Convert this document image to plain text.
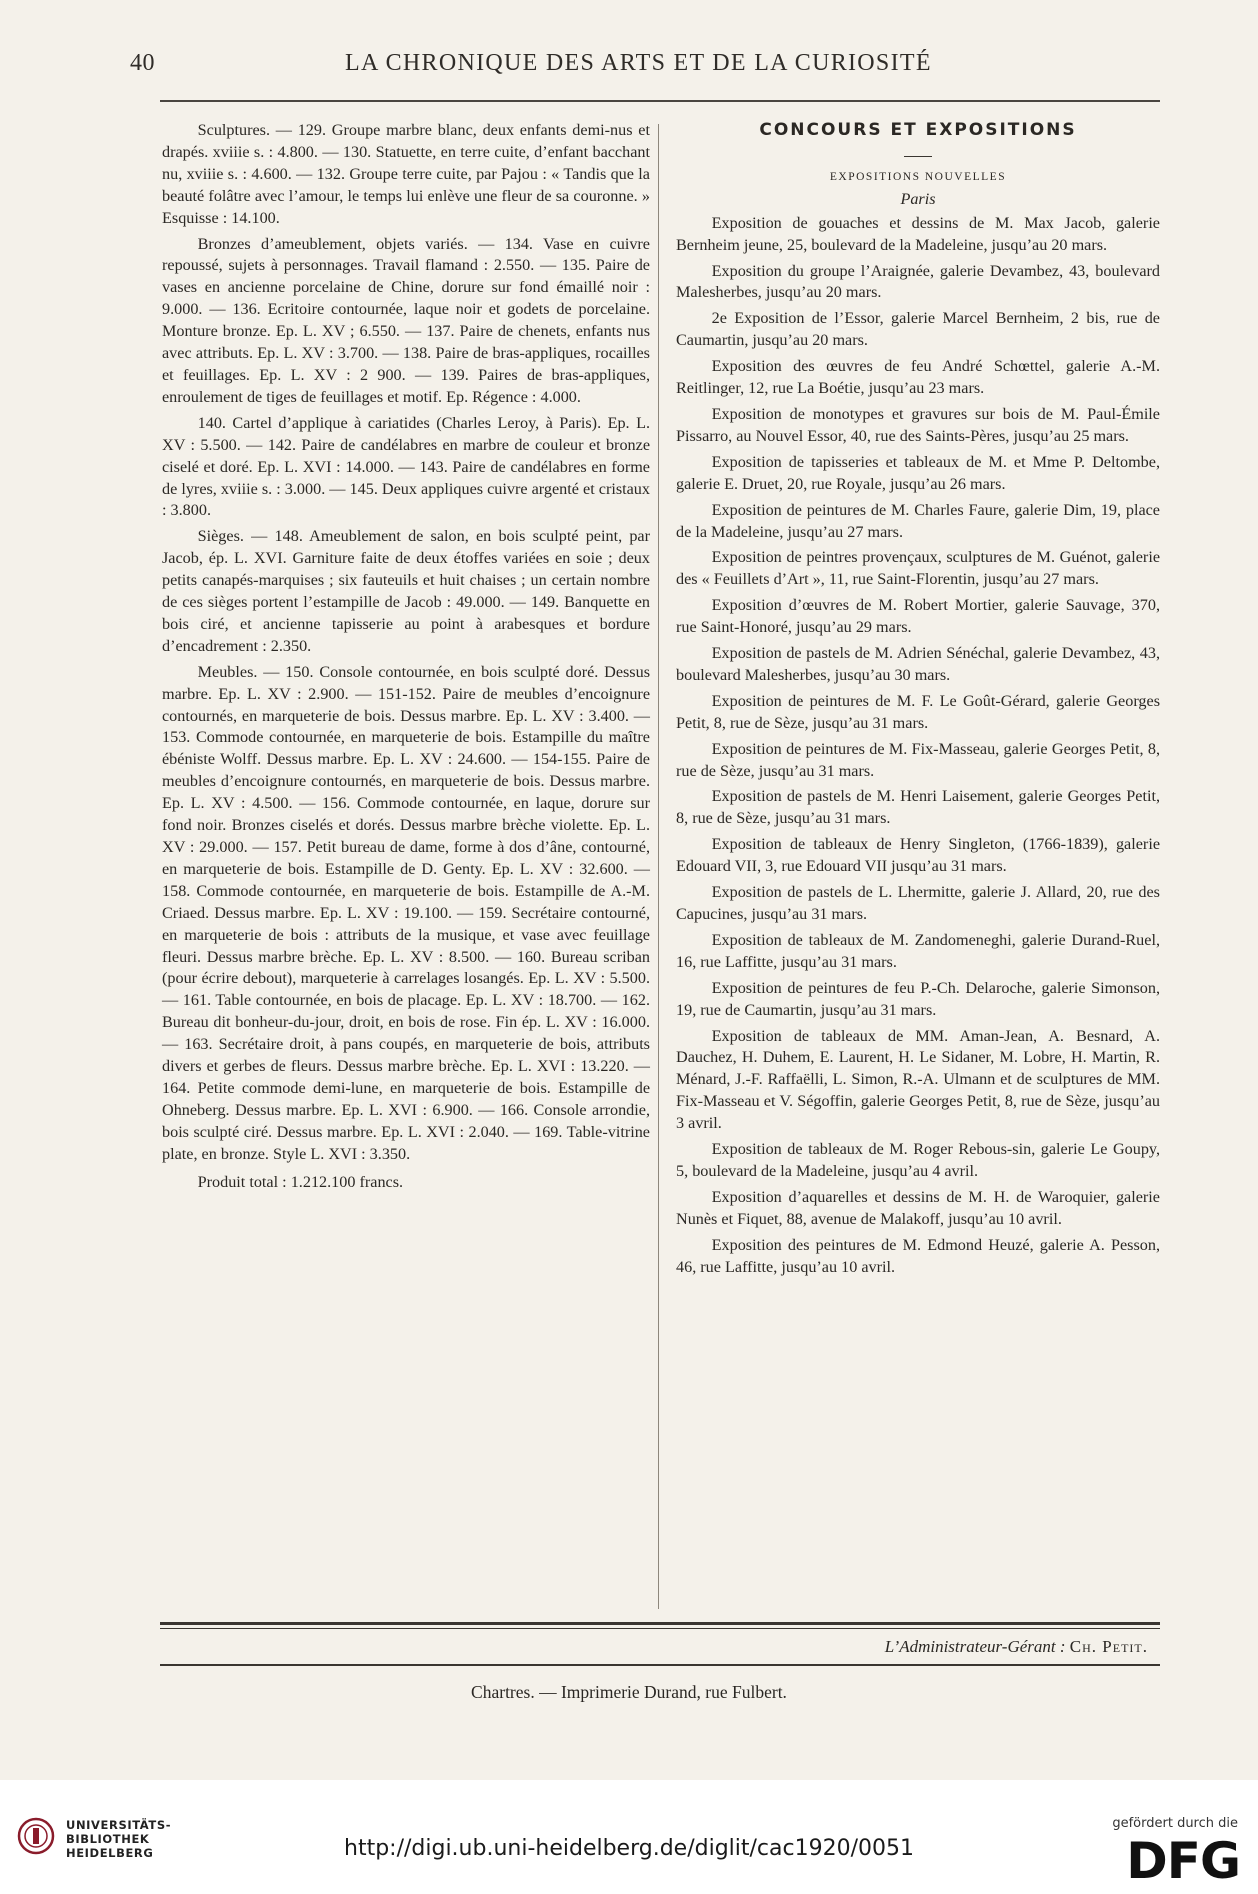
40	LA CHRONIQUE DES ARTS ET DE LA CURIOSITÉ

Sculptures. — 129. Groupe marbre blanc, deux enfants demi-nus et drapés. xviiie s. : 4.800. — 130. Statuette, en terre cuite, d’enfant bacchant nu, xviiie s. : 4.600. — 132. Groupe terre cuite, par Pajou : « Tandis que la beauté folâtre avec l’amour, le temps lui enlève une fleur de sa couronne. » Esquisse : 14.100.

Bronzes d’ameublement, objets variés. — 134. Vase en cuivre repoussé, sujets à personnages. Travail flamand : 2.550. — 135. Paire de vases en ancienne porcelaine de Chine, dorure sur fond émaillé noir : 9.000. — 136. Ecritoire contournée, laque noir et godets de porcelaine. Monture bronze. Ep. L. XV ; 6.550. — 137. Paire de chenets, enfants nus avec attributs. Ep. L. XV : 3.700. — 138. Paire de bras-appliques, rocailles et feuillages. Ep. L. XV : 2 900. — 139. Paires de bras-appliques, enroulement de tiges de feuillages et motif. Ep. Régence : 4.000.

140. Cartel d’applique à cariatides (Charles Leroy, à Paris). Ep. L. XV : 5.500. — 142. Paire de candélabres en marbre de couleur et bronze ciselé et doré. Ep. L. XVI : 14.000. — 143. Paire de candélabres en forme de lyres, xviiie s. : 3.000. — 145. Deux appliques cuivre argenté et cristaux : 3.800.

Sièges. — 148. Ameublement de salon, en bois sculpté peint, par Jacob, ép. L. XVI. Garniture faite de deux étoffes variées en soie ; deux petits canapés-marquises ; six fauteuils et huit chaises ; un certain nombre de ces sièges portent l’estampille de Jacob : 49.000. — 149. Banquette en bois ciré, et ancienne tapisserie au point à arabesques et bordure d’encadrement : 2.350.

Meubles. — 150. Console contournée, en bois sculpté doré. Dessus marbre. Ep. L. XV : 2.900. — 151-152. Paire de meubles d’encoignure contournés, en marqueterie de bois. Dessus marbre. Ep. L. XV : 3.400. — 153. Commode contournée, en marqueterie de bois. Estampille du maître ébéniste Wolff. Dessus marbre. Ep. L. XV : 24.600. — 154-155. Paire de meubles d’encoignure contournés, en marqueterie de bois. Dessus marbre. Ep. L. XV : 4.500. — 156. Commode contournée, en laque, dorure sur fond noir. Bronzes ciselés et dorés. Dessus marbre brèche violette. Ep. L. XV : 29.000. — 157. Petit bureau de dame, forme à dos d’âne, contourné, en marqueterie de bois. Estampille de D. Genty. Ep. L. XV : 32.600. — 158. Commode contournée, en marqueterie de bois. Estampille de A.-M. Criaed. Dessus marbre. Ep. L. XV : 19.100. — 159. Secrétaire contourné, en marqueterie de bois : attributs de la musique, et vase avec feuillage fleuri. Dessus marbre brèche. Ep. L. XV : 8.500. — 160. Bureau scriban (pour écrire debout), marqueterie à carrelages losangés. Ep. L. XV : 5.500. — 161. Table contournée, en bois de placage. Ep. L. XV : 18.700. — 162. Bureau dit bonheur-du-jour, droit, en bois de rose. Fin ép. L. XV : 16.000. — 163. Secrétaire droit, à pans coupés, en marqueterie de bois, attributs divers et gerbes de fleurs. Dessus marbre brèche. Ep. L. XVI : 13.220. — 164. Petite commode demi-lune, en marqueterie de bois. Estampille de Ohneberg. Dessus marbre. Ep. L. XVI : 6.900. — 166. Console arrondie, bois sculpté ciré. Dessus marbre. Ep. L. XVI : 2.040. — 169. Table-vitrine plate, en bronze. Style L. XVI : 3.350.

Produit total : 1.212.100 francs.

CONCOURS ET EXPOSITIONS
EXPOSITIONS NOUVELLES
Paris

Exposition de gouaches et dessins de M. Max Jacob, galerie Bernheim jeune, 25, boulevard de la Madeleine, jusqu’au 20 mars.

Exposition du groupe l’Araignée, galerie Devambez, 43, boulevard Malesherbes, jusqu’au 20 mars.

2e Exposition de l’Essor, galerie Marcel Bernheim, 2 bis, rue de Caumartin, jusqu’au 20 mars.

Exposition des œuvres de feu André Schœttel, galerie A.-M. Reitlinger, 12, rue La Boétie, jusqu’au 23 mars.

Exposition de monotypes et gravures sur bois de M. Paul-Émile Pissarro, au Nouvel Essor, 40, rue des Saints-Pères, jusqu’au 25 mars.

Exposition de tapisseries et tableaux de M. et Mme P. Deltombe, galerie E. Druet, 20, rue Royale, jusqu’au 26 mars.

Exposition de peintures de M. Charles Faure, galerie Dim, 19, place de la Madeleine, jusqu’au 27 mars.

Exposition de peintres provençaux, sculptures de M. Guénot, galerie des « Feuillets d’Art », 11, rue Saint-Florentin, jusqu’au 27 mars.

Exposition d’œuvres de M. Robert Mortier, galerie Sauvage, 370, rue Saint-Honoré, jusqu’au 29 mars.

Exposition de pastels de M. Adrien Sénéchal, galerie Devambez, 43, boulevard Malesherbes, jusqu’au 30 mars.

Exposition de peintures de M. F. Le Goût-Gérard, galerie Georges Petit, 8, rue de Sèze, jusqu’au 31 mars.

Exposition de peintures de M. Fix-Masseau, galerie Georges Petit, 8, rue de Sèze, jusqu’au 31 mars.

Exposition de pastels de M. Henri Laisement, galerie Georges Petit, 8, rue de Sèze, jusqu’au 31 mars.

Exposition de tableaux de Henry Singleton, (1766-1839), galerie Edouard VII, 3, rue Edouard VII jusqu’au 31 mars.

Exposition de pastels de L. Lhermitte, galerie J. Allard, 20, rue des Capucines, jusqu’au 31 mars.

Exposition de tableaux de M. Zandomeneghi, galerie Durand-Ruel, 16, rue Laffitte, jusqu’au 31 mars.

Exposition de peintures de feu P.-Ch. Delaroche, galerie Simonson, 19, rue de Caumartin, jusqu’au 31 mars.

Exposition de tableaux de MM. Aman-Jean, A. Besnard, A. Dauchez, H. Duhem, E. Laurent, H. Le Sidaner, M. Lobre, H. Martin, R. Ménard, J.-F. Raffaëlli, L. Simon, R.-A. Ulmann et de sculptures de MM. Fix-Masseau et V. Ségoffin, galerie Georges Petit, 8, rue de Sèze, jusqu’au 3 avril.

Exposition de tableaux de M. Roger Rebous-sin, galerie Le Goupy, 5, boulevard de la Madeleine, jusqu’au 4 avril.

Exposition d’aquarelles et dessins de M. H. de Waroquier, galerie Nunès et Fiquet, 88, avenue de Malakoff, jusqu’au 10 avril.

Exposition des peintures de M. Edmond Heuzé, galerie A. Pesson, 46, rue Laffitte, jusqu’au 10 avril.

L’Administrateur-Gérant : Ch. Petit.
Chartres. — Imprimerie Durand, rue Fulbert.
UNIVERSITÄTS-
BIBLIOTHEK
HEIDELBERG	http://digi.ub.uni-heidelberg.de/diglit/cac1920/0051
gefördert durch die
DFG
